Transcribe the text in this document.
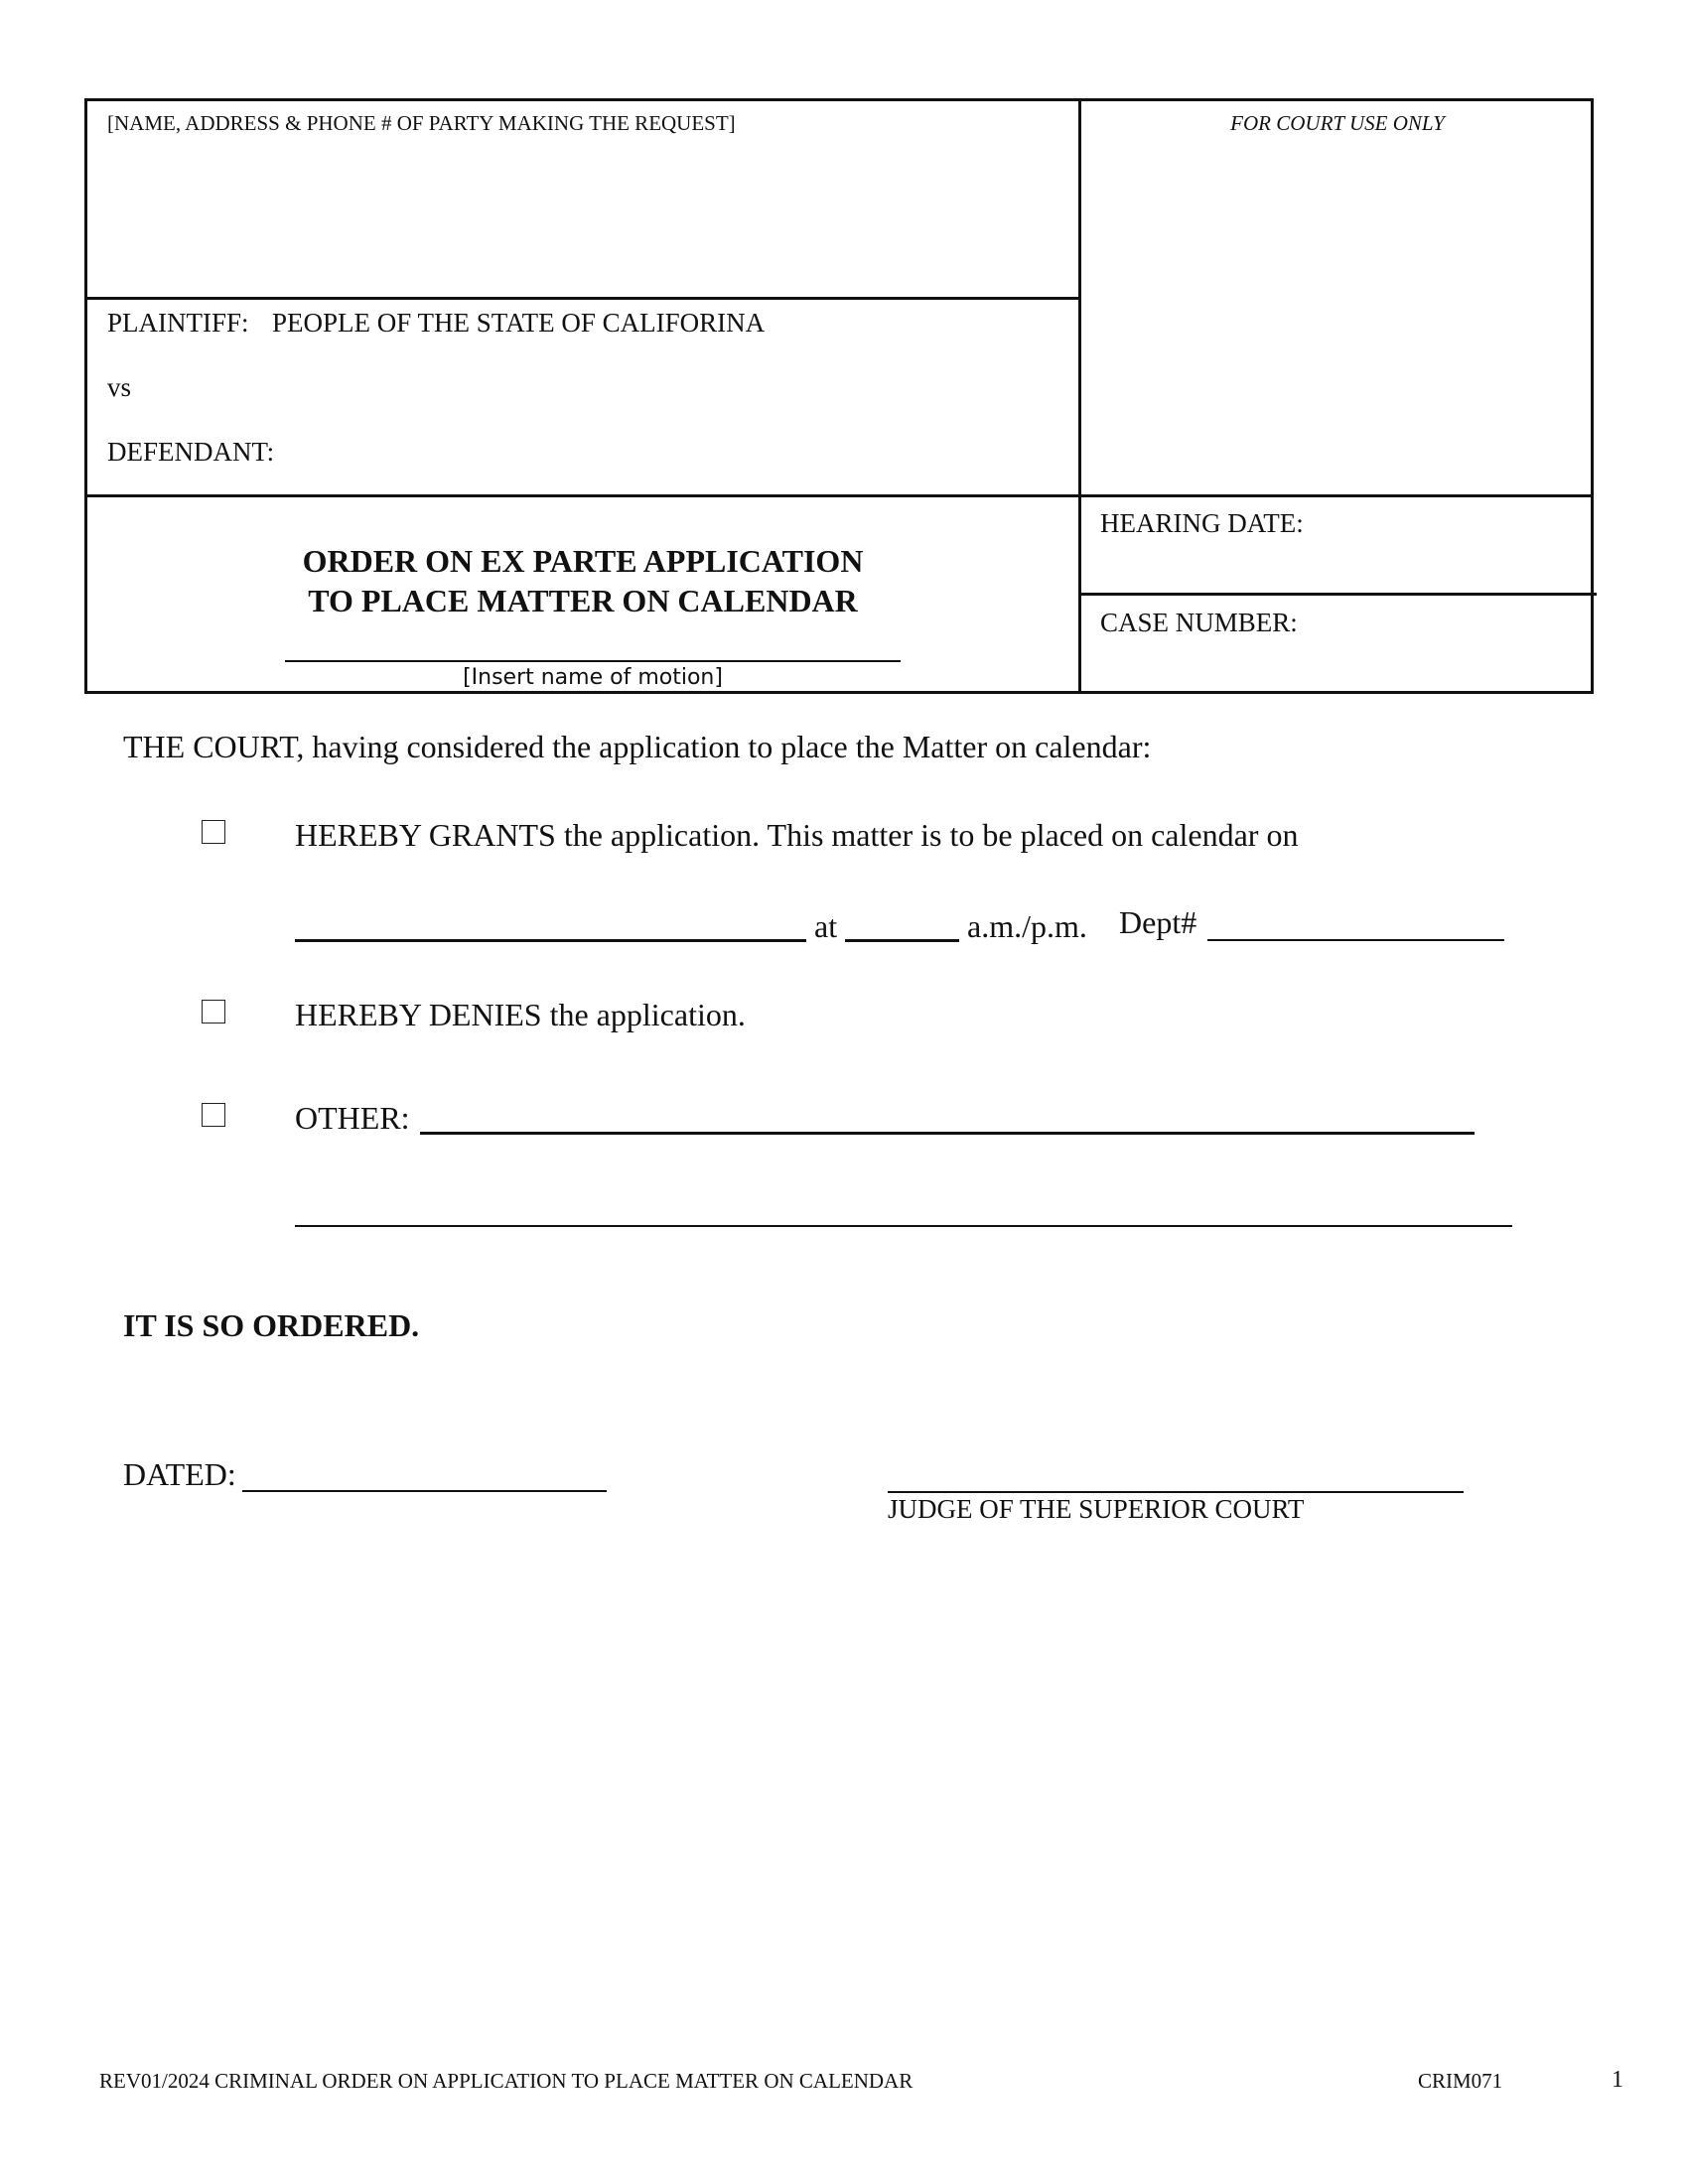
[NAME, ADDRESS & PHONE # OF PARTY MAKING THE REQUEST]	FOR COURT USE ONLY
PLAINTIFF: PEOPLE OF THE STATE OF CALIFORINA
vs
DEFENDANT:
ORDER ON EX PARTE APPLICATION
TO PLACE MATTER ON CALENDAR
[Insert name of motion]
HEARING DATE:
CASE NUMBER:
THE COURT, having considered the application to place the Matter on calendar:
HEREBY GRANTS the application. This matter is to be placed on calendar on
at	a.m./p.m. Dept#
HEREBY DENIES the application.
OTHER:
IT IS SO ORDERED.
DATED:
JUDGE OF THE SUPERIOR COURT
REV01/2024 CRIMINAL ORDER ON APPLICATION TO PLACE MATTER ON CALENDAR	CRIM071	1
